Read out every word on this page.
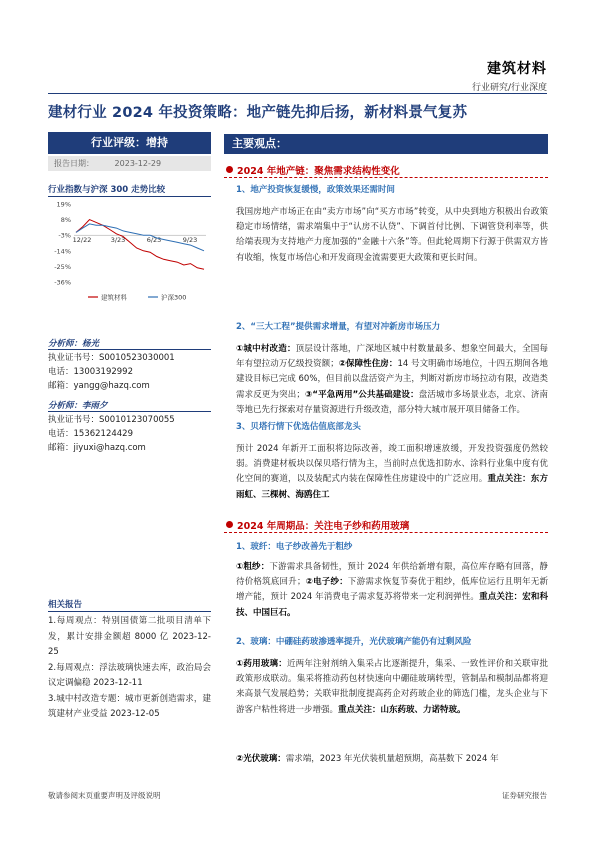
建筑材料
行业研究/行业深度
建材行业 2024 年投资策略：地产链先抑后扬，新材料景气复苏
行业评级：增持
报告日期：	2023-12-29
行业指数与沪深 300 走势比较
19%
8%
-3%
-14%
-25%
-36%
12/22	3/23	6/23	9/23
建筑材料	沪深300
分析师：杨光
执业证书号：S0010523030001
电话：13003192992
邮箱：yangg@hazq.com
分析师：李雨夕
执业证书号：S0010123070055
电话：15362124429
邮箱：jiyuxi@hazq.com
相关报告
1.每周观点：特别国债第二批项目清单下发，累计安排金额超 8000 亿 2023-12-25
2.每周观点：浮法玻璃快速去库，政治局会议定调偏稳 2023-12-11
3.城中村改造专题：城市更新创造需求，建筑建材产业受益 2023-12-05
主要观点：
2024 年地产链：聚焦需求结构性变化
1、地产投资恢复缓慢，政策效果还需时间
我国房地产市场正在由“卖方市场”向“买方市场”转变，从中央到地方积极出台政策稳定市场情绪，需求端集中于“认房不认贷”、下调首付比例、下调管贷利率等，供给端表现为支持地产力度加强的“金融十六条”等。但此轮周期下行源于供需双方皆有收缩，恢复市场信心和开发商现金流需要更大政策和更长时间。
2、“三大工程”提供需求增量，有望对冲新房市场压力
①城中村改造：顶层设计落地，广深地区城中村数量最多、想象空间最大，全国每年有望拉动万亿级投资额；②保障性住房：14 号文明确市场地位，十四五期间各地建设目标已完成 60%，但目前以盘活资产为主，判断对新房市场拉动有限，改造类需求反更为突出；③“平急两用”公共基础建设：盘活城市多场景业态，北京、济南等地已先行探索对存量资源进行升级改造，部分特大城市展开项目储备工作。
3、贝塔行情下优选估值底部龙头
预计 2024 年新开工面积将边际改善，竣工面积增速放缓，开发投资强度仍然较弱。消费建材板块以保贝塔行情为主，当前时点优选扣防水、涂料行业集中度有优化空间的赛道，以及装配式内装在保障性住房建设中的广泛应用。重点关注：东方雨虹、三棵树、海鸥住工
2024 年周期品：关注电子纱和药用玻璃
1、玻纤：电子纱改善先于粗纱
①粗纱：下游需求具备韧性，预计 2024 年供给新增有限，高位库存略有回落，静待价格筑底回升；②电子纱：下游需求恢复节奏优于粗纱，低库位运行且明年无新增产能，预计 2024 年消费电子需求复苏将带来一定利润弹性。重点关注：宏和科技、中国巨石。
2、玻璃：中硼硅药玻渗透率提升，光伏玻璃产能仍有过剩风险
①药用玻璃：近两年注射剂纳入集采占比逐渐提升，集采、一致性评价和关联审批政策形成联动。集采将推动药包材快速向中硼硅玻璃转型，管制品和模制品都将迎来高景气发展趋势；关联审批制度提高药企对药玻企业的筛选门槛，龙头企业与下游客户粘性将进一步增强。重点关注：山东药玻、力诺特玻。
②光伏玻璃：需求端，2023 年光伏装机量超预期，高基数下 2024 年
敬请参阅末页重要声明及评级说明	证券研究报告
